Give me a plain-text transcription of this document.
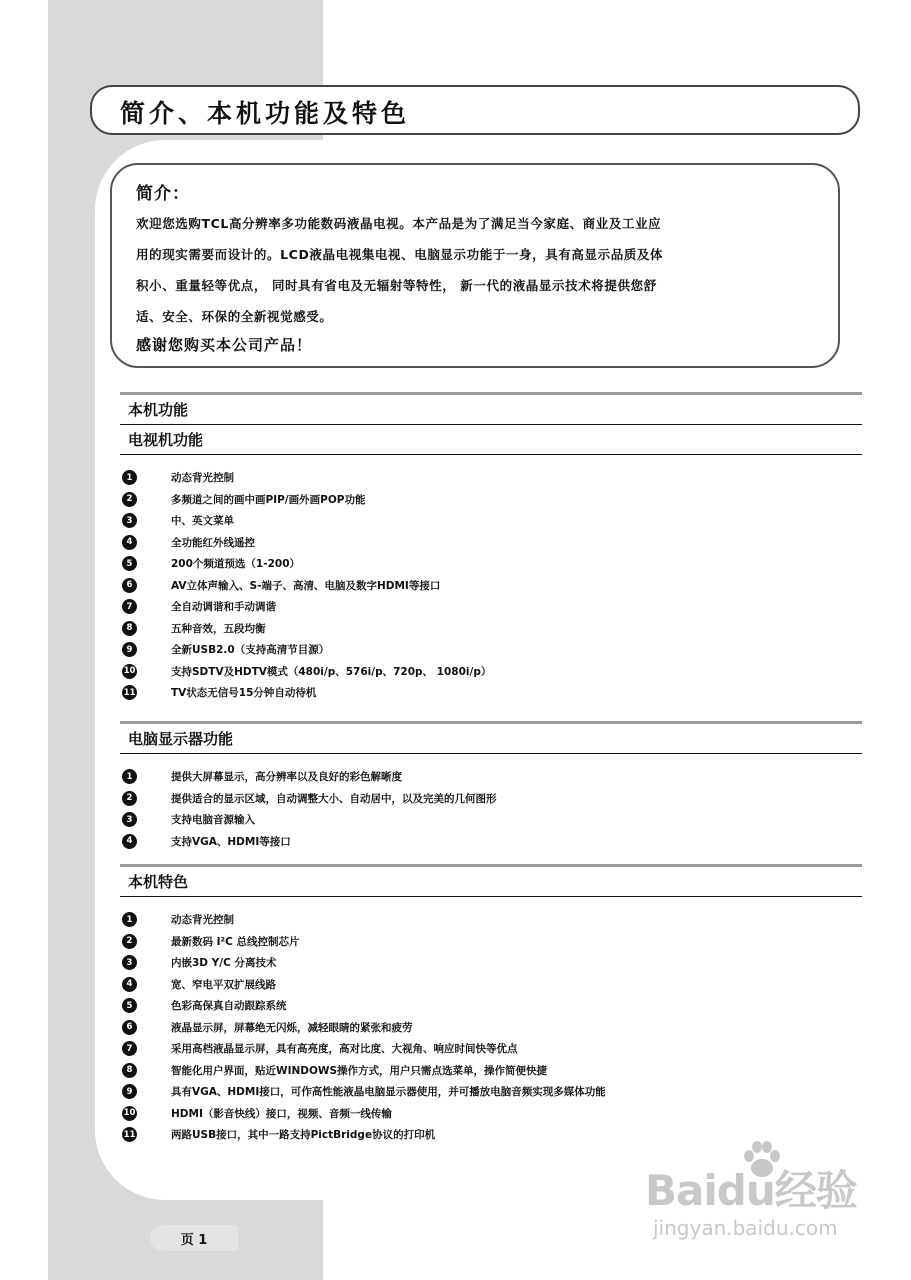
简介、本机功能及特色
简介：
欢迎您选购TCL高分辨率多功能数码液晶电视。本产品是为了满足当今家庭、商业及工业应
用的现实需要而设计的。LCD液晶电视集电视、电脑显示功能于一身，具有高显示品质及体
积小、重量轻等优点， 同时具有省电及无辐射等特性， 新一代的液晶显示技术将提供您舒
适、安全、环保的全新视觉感受。
感谢您购买本公司产品！
本机功能
电视机功能
1	动态背光控制
2	多频道之间的画中画PIP/画外画POP功能
3	中、英文菜单
4	全功能红外线遥控
5	200个频道预选（1-200）
6	AV立体声输入、S-端子、高清、电脑及数字HDMI等接口
7	全自动调谐和手动调谐
8	五种音效，五段均衡
9	全新USB2.0（支持高清节目源）
10	支持SDTV及HDTV模式（480i/p、576i/p、720p、 1080i/p）
11	TV状态无信号15分钟自动待机
电脑显示器功能
1	提供大屏幕显示，高分辨率以及良好的彩色解晰度
2	提供适合的显示区域，自动调整大小、自动居中，以及完美的几何图形
3	支持电脑音源输入
4	支持VGA、HDMI等接口
本机特色
1	动态背光控制
2	最新数码 I²C 总线控制芯片
3	内嵌3D Y/C 分离技术
4	宽、窄电平双扩展线路
5	色彩高保真自动跟踪系统
6	液晶显示屏，屏幕绝无闪烁，减轻眼睛的紧张和疲劳
7	采用高档液晶显示屏，具有高亮度，高对比度、大视角、响应时间快等优点
8	智能化用户界面，贴近WINDOWS操作方式，用户只需点选菜单，操作简便快捷
9	具有VGA、HDMI接口，可作高性能液晶电脑显示器使用，并可播放电脑音频实现多媒体功能
10	HDMI（影音快线）接口，视频、音频一线传输
11	两路USB接口，其中一路支持PictBridge协议的打印机
页 1
Baidu经验
jingyan.baidu.com
